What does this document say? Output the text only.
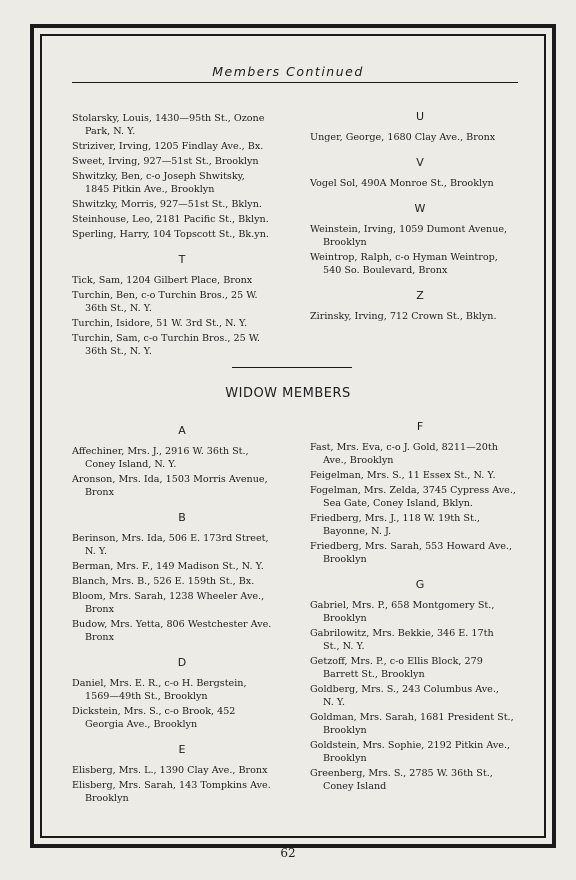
Members Continued
Stolarsky, Louis, 1430—95th St., Ozone
Park, N. Y.
Striziver, Irving, 1205 Findlay Ave., Bx.
Sweet, Irving, 927—51st St., Brooklyn
Shwitzky, Ben, c-o Joseph Shwitsky,
1845 Pitkin Ave., Brooklyn
Shwitzky, Morris, 927—51st St., Bklyn.
Steinhouse, Leo, 2181 Pacific St., Bklyn.
Sperling, Harry, 104 Topscott St., Bk.yn.
T
Tick, Sam, 1204 Gilbert Place, Bronx
Turchin, Ben, c-o Turchin Bros., 25 W.
36th St., N. Y.
Turchin, Isidore, 51 W. 3rd St., N. Y.
Turchin, Sam, c-o Turchin Bros., 25 W.
36th St., N. Y.
U
Unger, George, 1680 Clay Ave., Bronx
V
Vogel Sol, 490A Monroe St., Brooklyn
W
Weinstein, Irving, 1059 Dumont Avenue,
Brooklyn
Weintrop, Ralph, c-o Hyman Weintrop,
540 So. Boulevard, Bronx
Z
Zirinsky, Irving, 712 Crown St., Bklyn.
WIDOW MEMBERS
A
Affechiner, Mrs. J., 2916 W. 36th St.,
Coney Island, N. Y.
Aronson, Mrs. Ida, 1503 Morris Avenue,
Bronx
B
Berinson, Mrs. Ida, 506 E. 173rd Street,
N. Y.
Berman, Mrs. F., 149 Madison St., N. Y.
Blanch, Mrs. B., 526 E. 159th St., Bx.
Bloom, Mrs. Sarah, 1238 Wheeler Ave.,
Bronx
Budow, Mrs. Yetta, 806 Westchester Ave.
Bronx
D
Daniel, Mrs. E. R., c-o H. Bergstein,
1569—49th St., Brooklyn
Dickstein, Mrs. S., c-o Brook, 452
Georgia Ave., Brooklyn
E
Elisberg, Mrs. L., 1390 Clay Ave., Bronx
Elisberg, Mrs. Sarah, 143 Tompkins Ave.
Brooklyn
F
Fast, Mrs. Eva, c-o J. Gold, 8211—20th
Ave., Brooklyn
Feigelman, Mrs. S., 11 Essex St., N. Y.
Fogelman, Mrs. Zelda, 3745 Cypress Ave.,
Sea Gate, Coney Island, Bklyn.
Friedberg, Mrs. J., 118 W. 19th St.,
Bayonne, N. J.
Friedberg, Mrs. Sarah, 553 Howard Ave.,
Brooklyn
G
Gabriel, Mrs. P., 658 Montgomery St.,
Brooklyn
Gabrilowitz, Mrs. Bekkie, 346 E. 17th
St., N. Y.
Getzoff, Mrs. P., c-o Ellis Block, 279
Barrett St., Brooklyn
Goldberg, Mrs. S., 243 Columbus Ave.,
N. Y.
Goldman, Mrs. Sarah, 1681 President St.,
Brooklyn
Goldstein, Mrs. Sophie, 2192 Pitkin Ave.,
Brooklyn
Greenberg, Mrs. S., 2785 W. 36th St.,
Coney Island
62
